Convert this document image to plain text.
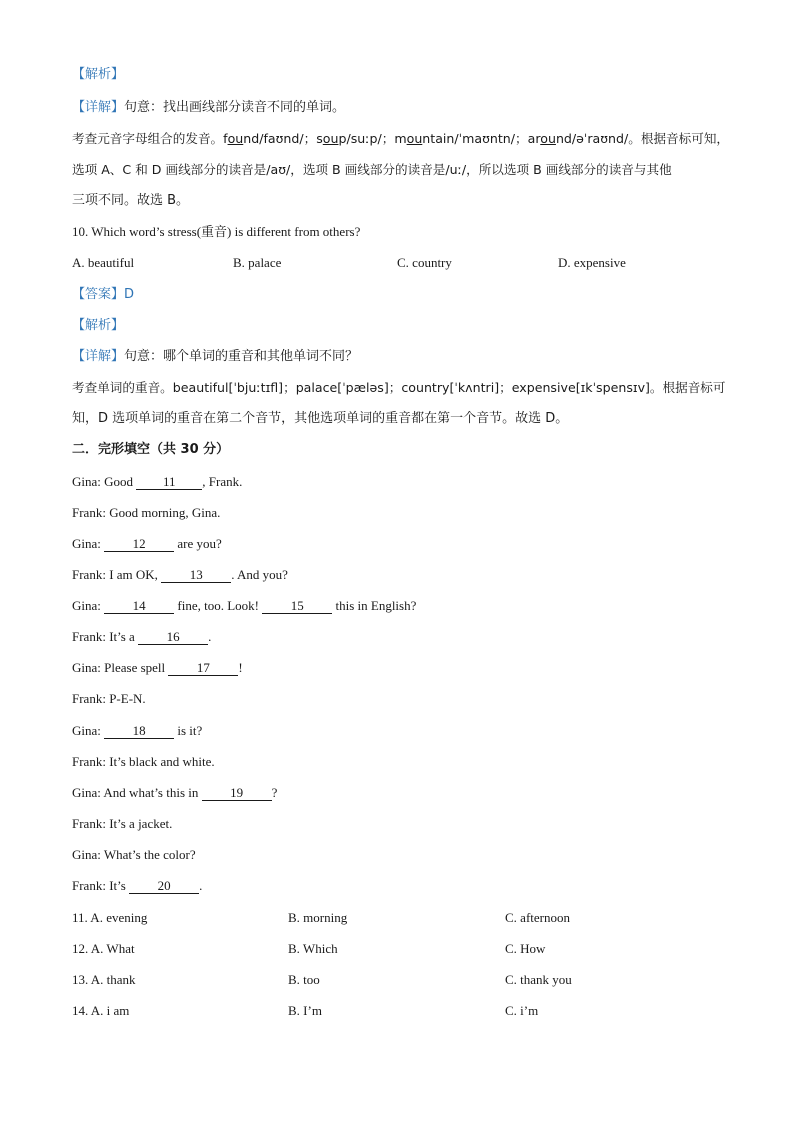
【解析】
【详解】句意：找出画线部分读音不同的单词。
考查元音字母组合的发音。found/faʊnd/；soup/suːp/；mountain/ˈmaʊntn/；around/əˈraʊnd/。根据音标可知，
选项 A、C 和 D 画线部分的读音是/aʊ/，选项 B 画线部分的读音是/uː/，所以选项 B 画线部分的读音与其他
三项不同。故选 B。
10. Which word’s stress(重音) is different from others?
A. beautiful	B. palace	C. country	D. expensive
【答案】D
【解析】
【详解】句意：哪个单词的重音和其他单词不同？
考查单词的重音。beautiful[ˈbjuːtɪfl]；palace[ˈpæləs]；country[ˈkʌntri]；expensive[ɪkˈspensɪv]。根据音标可
知，D 选项单词的重音在第二个音节，其他选项单词的重音都在第一个音节。故选 D。
二．完形填空（共 30 分）
Gina: Good 11 , Frank.
Frank: Good morning, Gina.
Gina: 12 are you?
Frank: I am OK, 13 . And you?
Gina: 14 fine, too. Look! 15 this in English?
Frank: It’s a 16 .
Gina: Please spell 17 !
Frank: P-E-N.
Gina: 18 is it?
Frank: It’s black and white.
Gina: And what’s this in 19 ?
Frank: It’s a jacket.
Gina: What’s the color?
Frank: It’s 20 .
11. A. evening	B. morning	C. afternoon
12. A. What	B. Which	C. How
13. A. thank	B. too	C. thank you
14. A. i am	B. I’m	C. i’m
